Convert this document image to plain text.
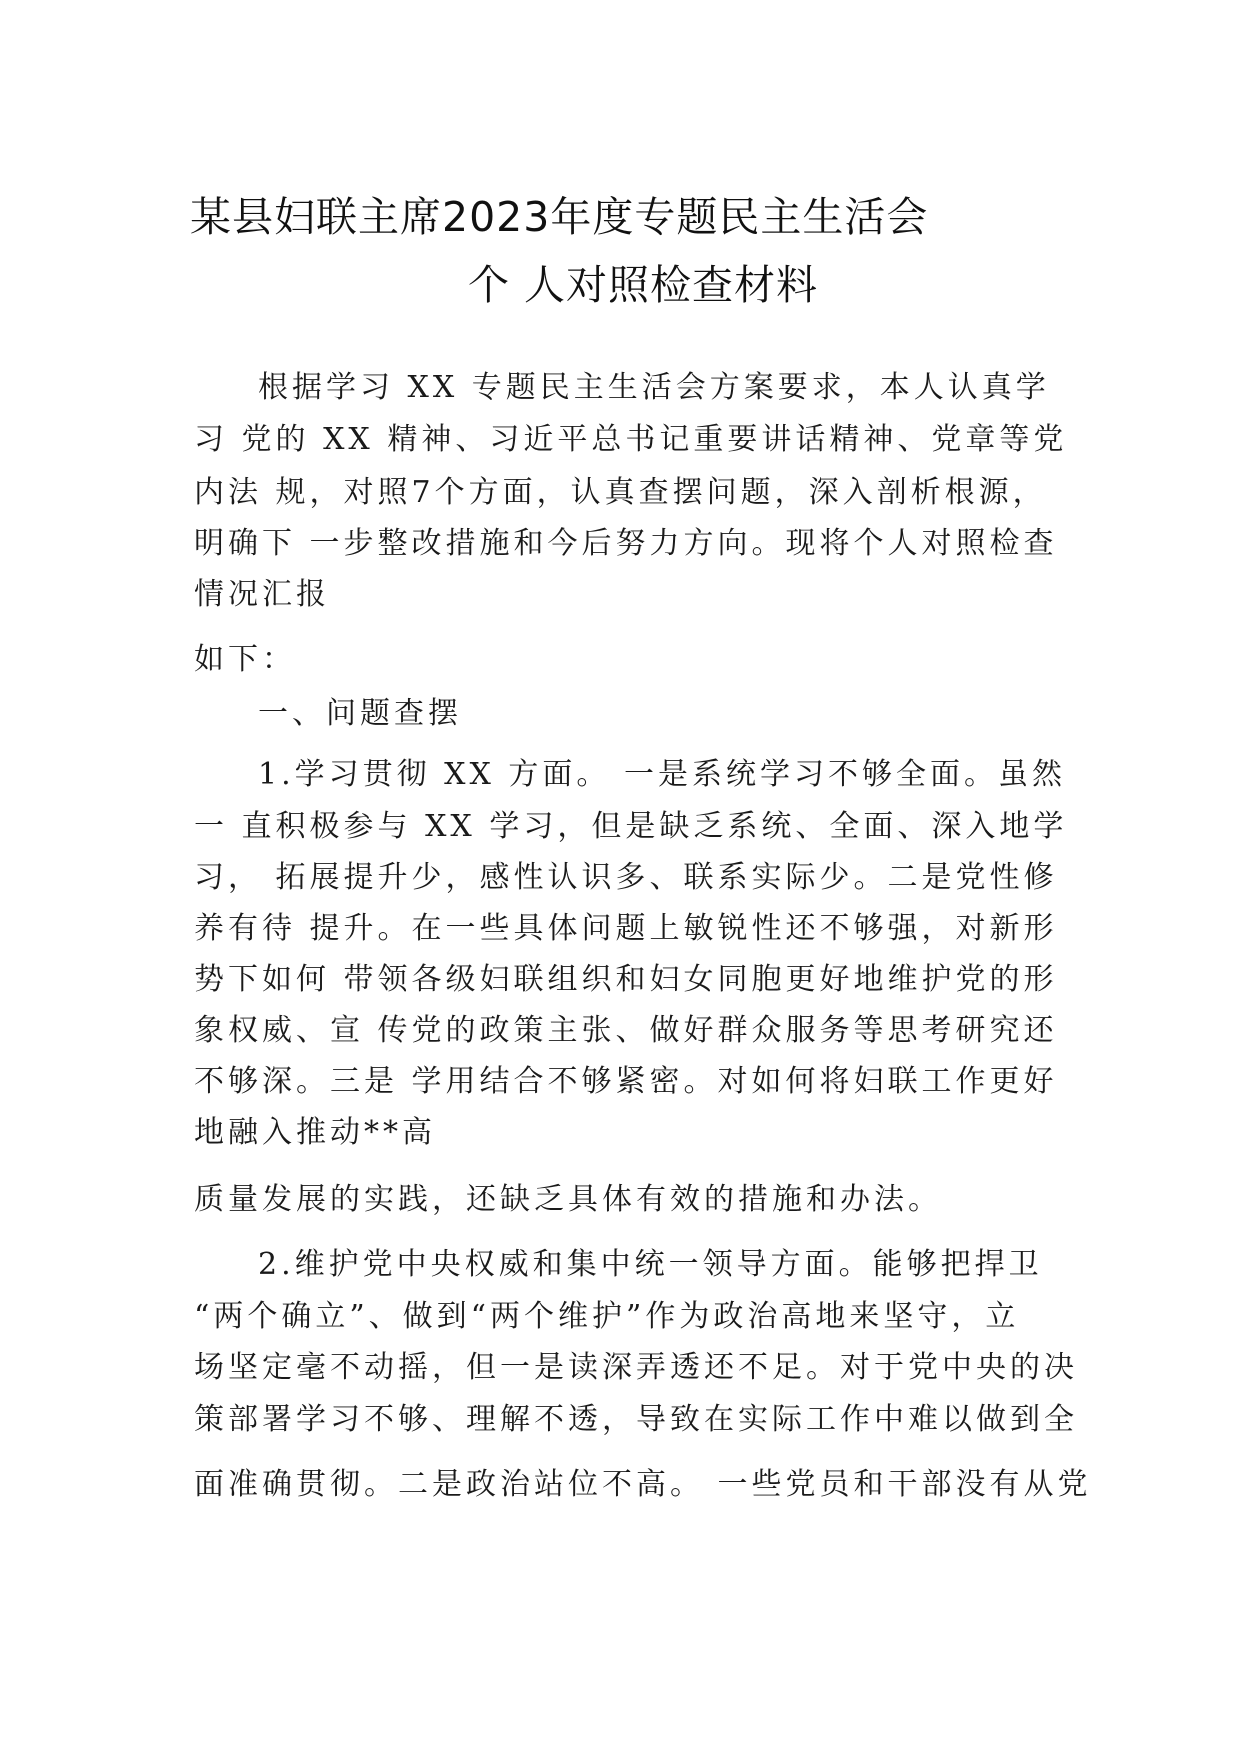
某县妇联主席2023年度专题民主生活会
个 人对照检查材料
根据学习 XX 专题民主生活会方案要求，本人认真学
习 党的 XX 精神、习近平总书记重要讲话精神、党章等党
内法 规，对照7个方面，认真查摆问题，深入剖析根源，
明确下 一步整改措施和今后努力方向。现将个人对照检查
情况汇报
如下：
一、问题查摆
1.学习贯彻 XX 方面。 一是系统学习不够全面。虽然
一 直积极参与 XX 学习，但是缺乏系统、全面、深入地学
习， 拓展提升少，感性认识多、联系实际少。二是党性修
养有待 提升。在一些具体问题上敏锐性还不够强，对新形
势下如何 带领各级妇联组织和妇女同胞更好地维护党的形
象权威、宣 传党的政策主张、做好群众服务等思考研究还
不够深。三是 学用结合不够紧密。对如何将妇联工作更好
地融入推动**高
质量发展的实践，还缺乏具体有效的措施和办法。
2.维护党中央权威和集中统一领导方面。能够把捍卫
“两个确立”、做到“两个维护”作为政治高地来坚守，立
场坚定毫不动摇，但一是读深弄透还不足。对于党中央的决
策部署学习不够、理解不透，导致在实际工作中难以做到全
面准确贯彻。二是政治站位不高。 一些党员和干部没有从党
